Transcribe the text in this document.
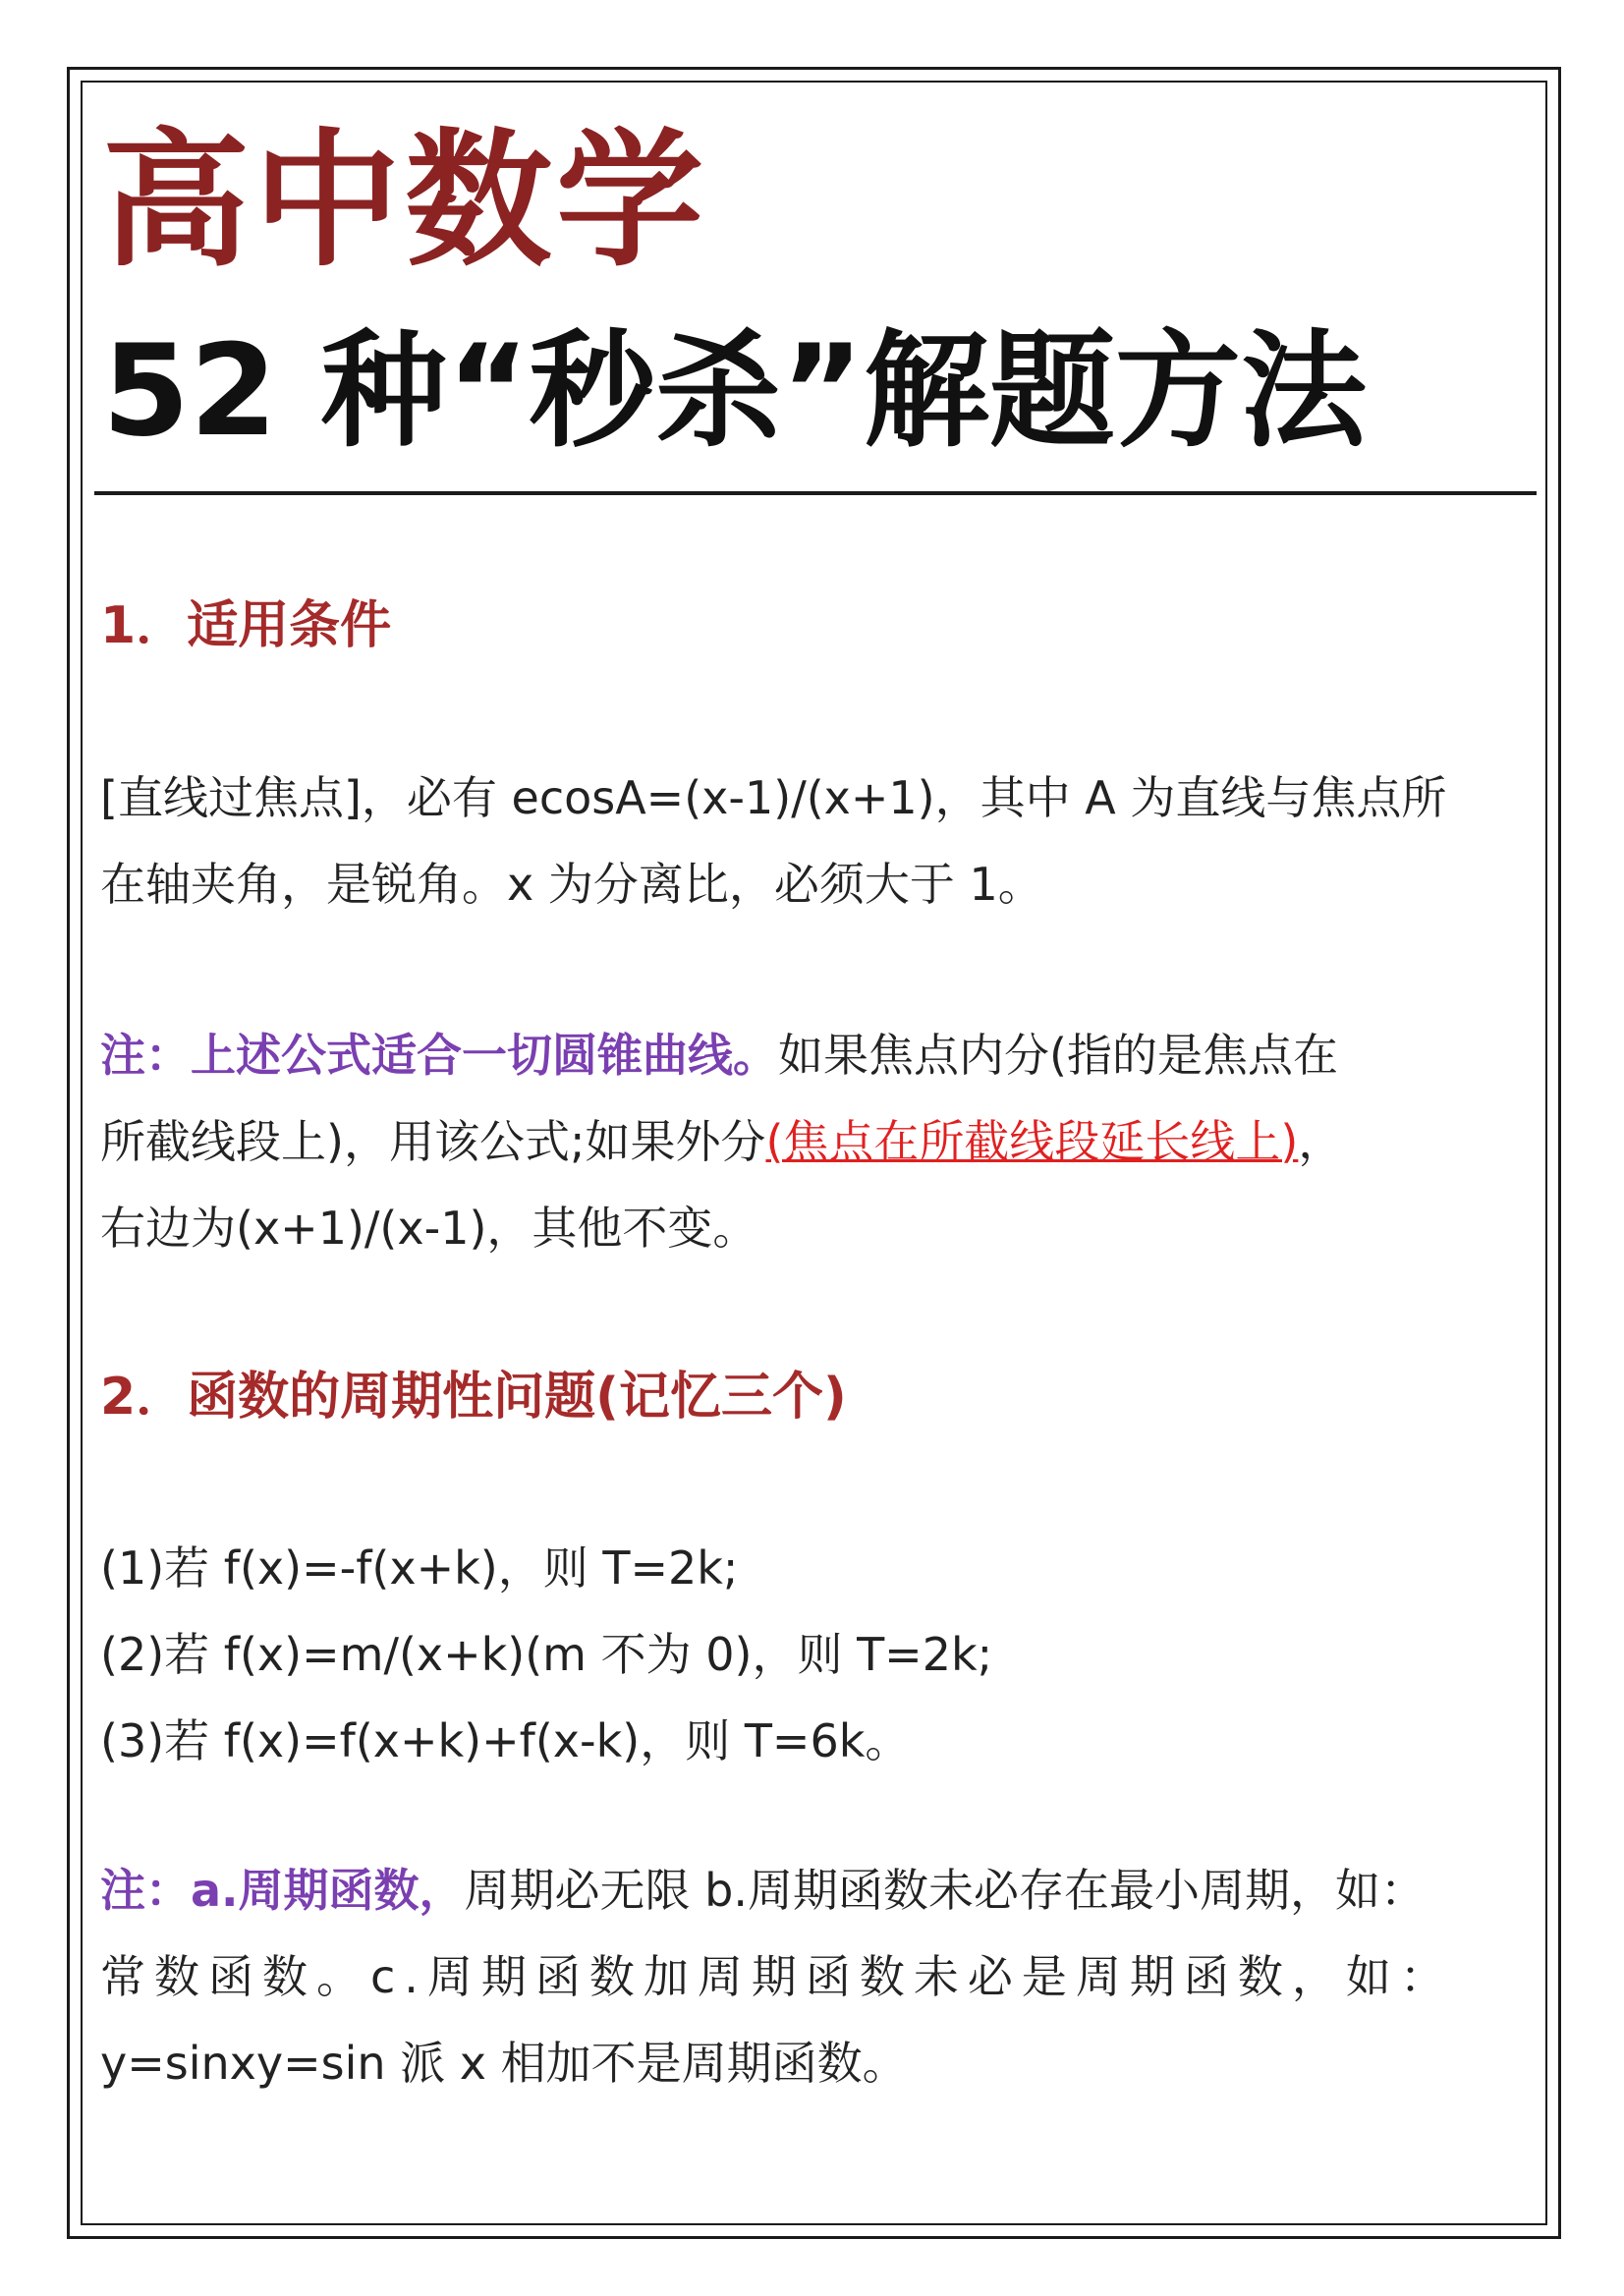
高中数学
52 种“秒杀”解题方法
1．适用条件

[直线过焦点]，必有 ecosA=(x-1)/(x+1)，其中 A 为直线与焦点所

在轴夹角，是锐角。x 为分离比，必须大于 1。

注：上述公式适合一切圆锥曲线。如果焦点内分(指的是焦点在

所截线段上)，用该公式;如果外分(焦点在所截线段延长线上)，

右边为(x+1)/(x-1)，其他不变。

2．函数的周期性问题(记忆三个)

(1)若 f(x)=-f(x+k)，则 T=2k;

(2)若 f(x)=m/(x+k)(m 不为 0)，则 T=2k;

(3)若 f(x)=f(x+k)+f(x-k)，则 T=6k。

注：a.周期函数，周期必无限 b.周期函数未必存在最小周期，如：

常数函数。c.周期函数加周期函数未必是周期函数，如：

y=sinxy=sin 派 x 相加不是周期函数。
